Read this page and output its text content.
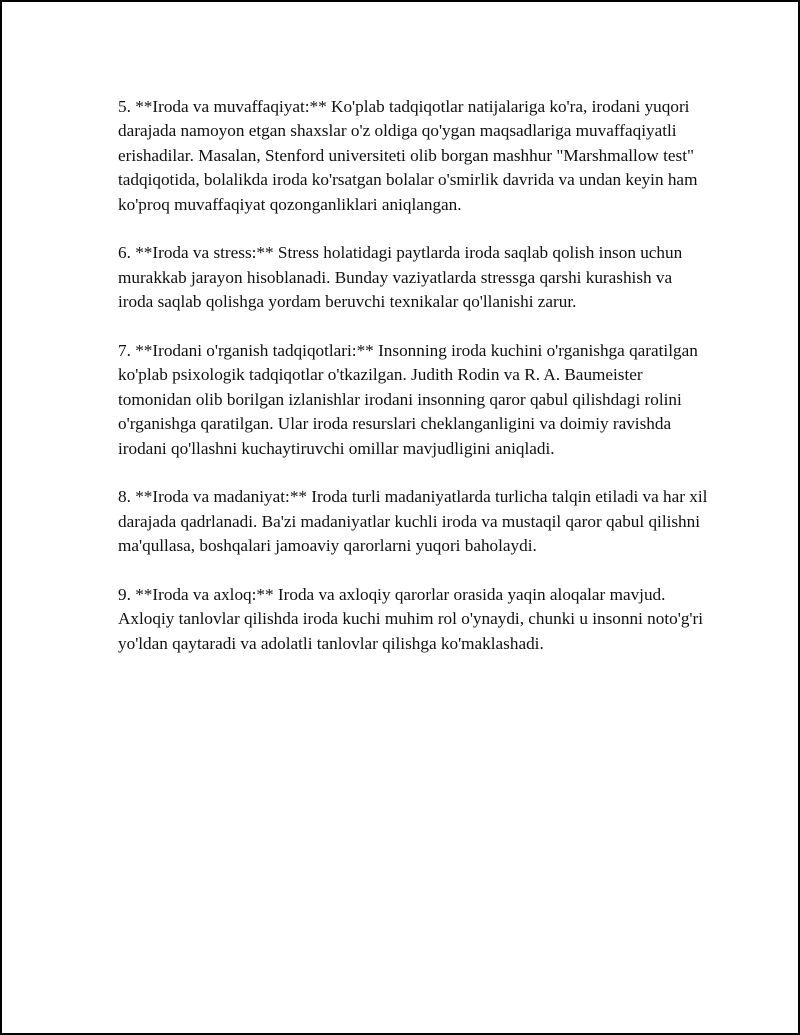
5. **Iroda va muvaffaqiyat:** Ko'plab tadqiqotlar natijalariga ko'ra, irodani yuqori darajada namoyon etgan shaxslar o'z oldiga qo'ygan maqsadlariga muvaffaqiyatli erishadilar. Masalan, Stenford universiteti olib borgan mashhur "Marshmallow test" tadqiqotida, bolalikda iroda ko'rsatgan bolalar o'smirlik davrida va undan keyin ham ko'proq muvaffaqiyat qozonganliklari aniqlangan.

6. **Iroda va stress:** Stress holatidagi paytlarda iroda saqlab qolish inson uchun murakkab jarayon hisoblanadi. Bunday vaziyatlarda stressga qarshi kurashish va iroda saqlab qolishga yordam beruvchi texnikalar qo'llanishi zarur.

7. **Irodani o'rganish tadqiqotlari:** Insonning iroda kuchini o'rganishga qaratilgan ko'plab psixologik tadqiqotlar o'tkazilgan. Judith Rodin va R. A. Baumeister tomonidan olib borilgan izlanishlar irodani insonning qaror qabul qilishdagi rolini o'rganishga qaratilgan. Ular iroda resurslari cheklanganligini va doimiy ravishda irodani qo'llashni kuchaytiruvchi omillar mavjudligini aniqladi.

8. **Iroda va madaniyat:** Iroda turli madaniyatlarda turlicha talqin etiladi va har xil darajada qadrlanadi. Ba'zi madaniyatlar kuchli iroda va mustaqil qaror qabul qilishni ma'qullasa, boshqalari jamoaviy qarorlarni yuqori baholaydi.

9. **Iroda va axloq:** Iroda va axloqiy qarorlar orasida yaqin aloqalar mavjud. Axloqiy tanlovlar qilishda iroda kuchi muhim rol o'ynaydi, chunki u insonni noto'g'ri yo'ldan qaytaradi va adolatli tanlovlar qilishga ko'maklashadi.
